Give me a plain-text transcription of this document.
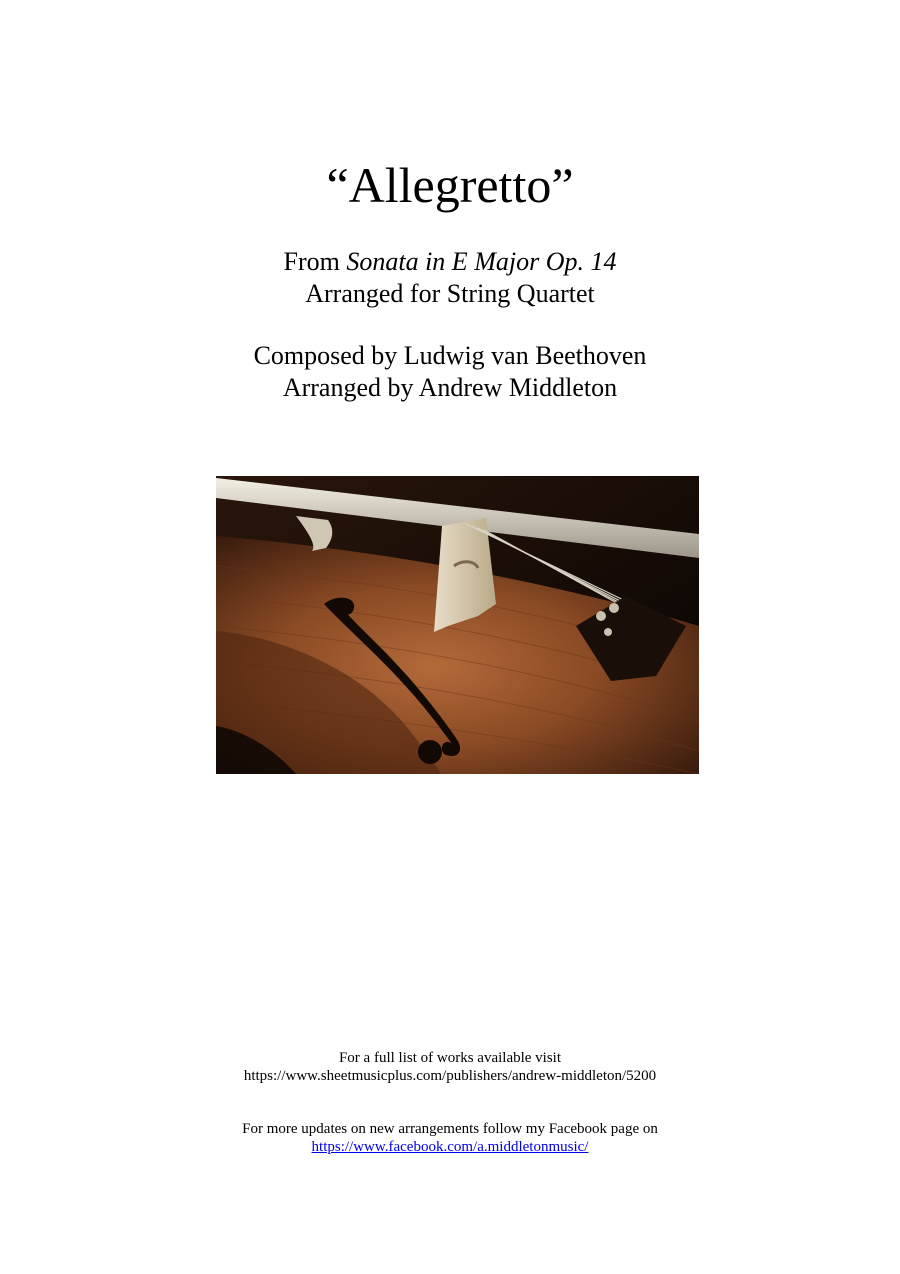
“Allegretto”
From Sonata in E Major Op. 14
Arranged for String Quartet
Composed by Ludwig van Beethoven
Arranged by Andrew Middleton
For a full list of works available visit
https://www.sheetmusicplus.com/publishers/andrew-middleton/5200
For more updates on new arrangements follow my Facebook page on
https://www.facebook.com/a.middletonmusic/
